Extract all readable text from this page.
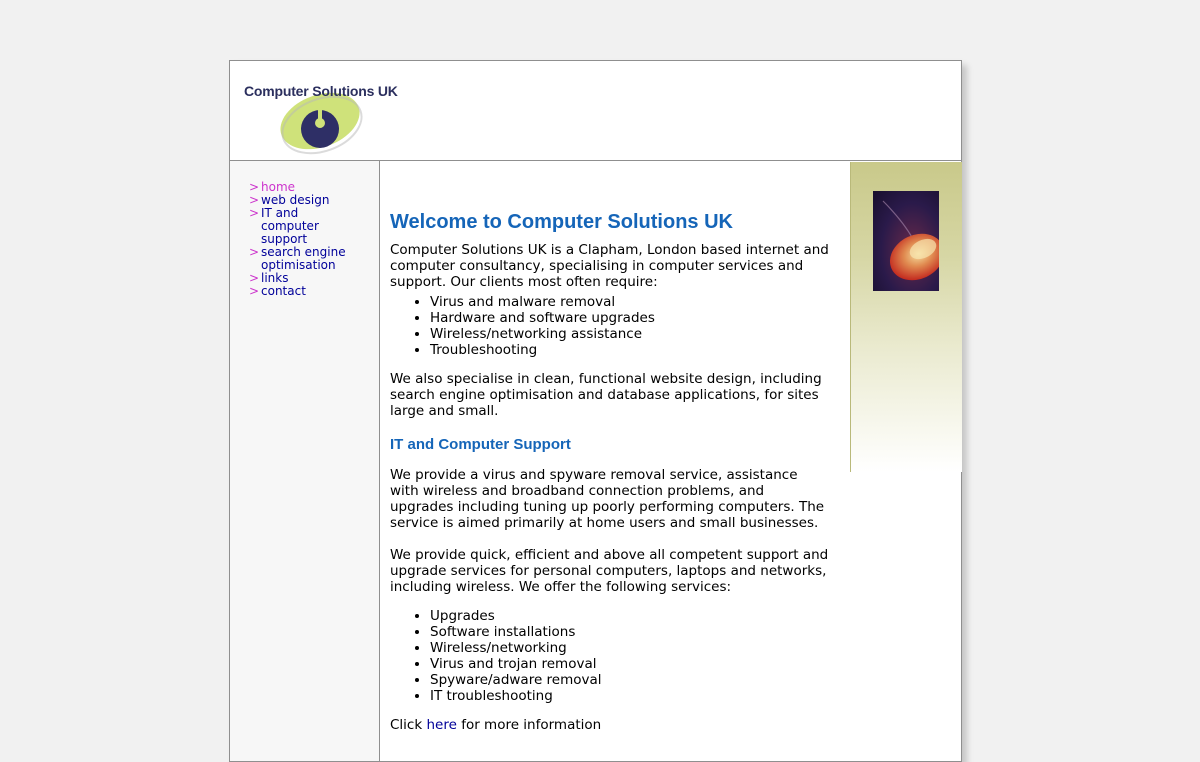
Computer Solutions UK
> home
> web design
> IT and computer support
> search engine optimisation
> links
> contact
Welcome to Computer Solutions UK

Computer Solutions UK is a Clapham, London based internet and computer consultancy, specialising in computer services and support. Our clients most often require:

• Virus and malware removal
• Hardware and software upgrades
• Wireless/networking assistance
• Troubleshooting

We also specialise in clean, functional website design, including search engine optimisation and database applications, for sites large and small.

IT and Computer Support

We provide a virus and spyware removal service, assistance with wireless and broadband connection problems, and upgrades including tuning up poorly performing computers. The service is aimed primarily at home users and small businesses.

We provide quick, efficient and above all competent support and upgrade services for personal computers, laptops and networks, including wireless. We offer the following services:

• Upgrades
• Software installations
• Wireless/networking
• Virus and trojan removal
• Spyware/adware removal
• IT troubleshooting

Click here for more information
